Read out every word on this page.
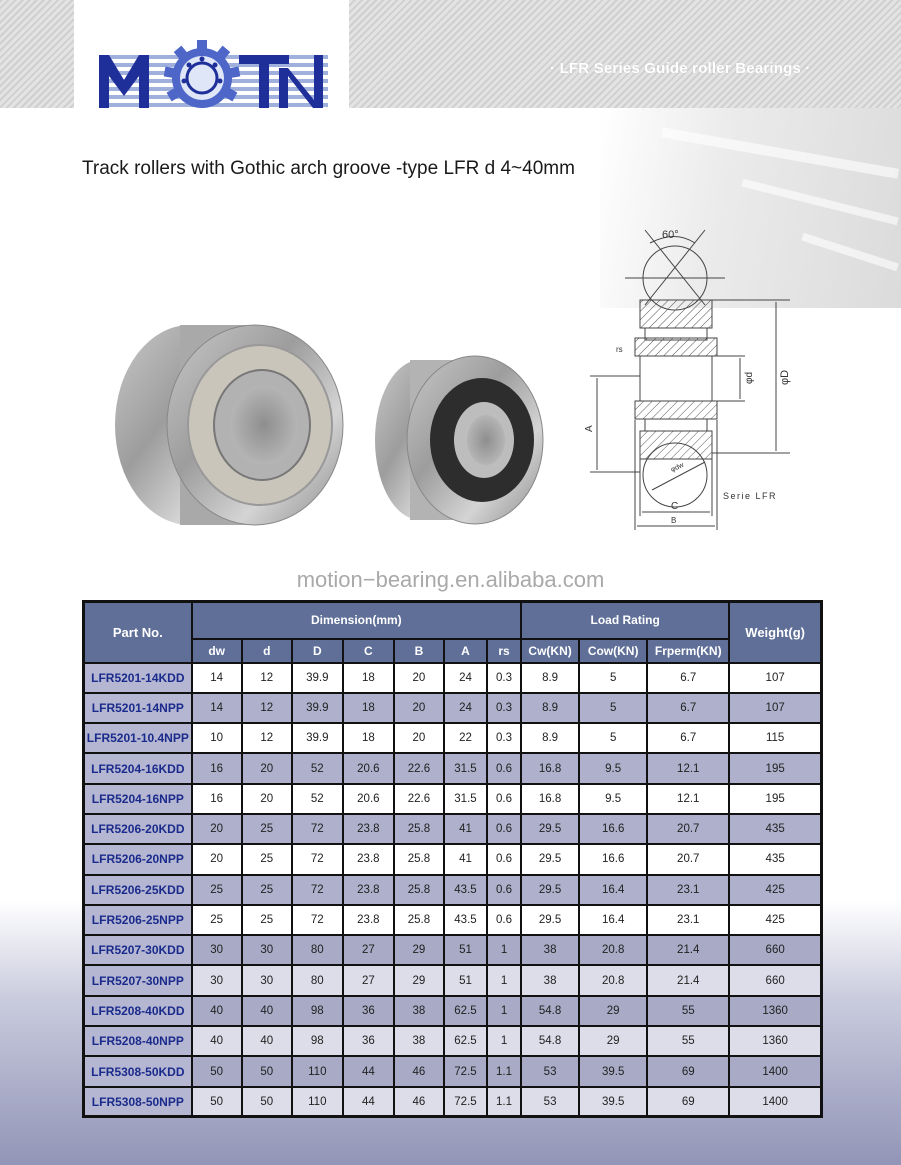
· LFR Series Guide roller Bearings ·
Track rollers with Gothic arch groove -type LFR d 4~40mm
60°
rs
φd φD
A
φdw
C
B
Serie LFR
motion−bearing.en.alibaba.com
Part No.	Dimension(mm)							Load Rating			Weight(g)
	dw	d	D	C	B	A	rs	Cw(KN)	Cow(KN)	Frperm(KN)	
LFR5201-14KDD	14	12	39.9	18	20	24	0.3	8.9	5	6.7	107
LFR5201-14NPP	14	12	39.9	18	20	24	0.3	8.9	5	6.7	107
LFR5201-10.4NPP	10	12	39.9	18	20	22	0.3	8.9	5	6.7	115
LFR5204-16KDD	16	20	52	20.6	22.6	31.5	0.6	16.8	9.5	12.1	195
LFR5204-16NPP	16	20	52	20.6	22.6	31.5	0.6	16.8	9.5	12.1	195
LFR5206-20KDD	20	25	72	23.8	25.8	41	0.6	29.5	16.6	20.7	435
LFR5206-20NPP	20	25	72	23.8	25.8	41	0.6	29.5	16.6	20.7	435
LFR5206-25KDD	25	25	72	23.8	25.8	43.5	0.6	29.5	16.4	23.1	425
LFR5206-25NPP	25	25	72	23.8	25.8	43.5	0.6	29.5	16.4	23.1	425
LFR5207-30KDD	30	30	80	27	29	51	1	38	20.8	21.4	660
LFR5207-30NPP	30	30	80	27	29	51	1	38	20.8	21.4	660
LFR5208-40KDD	40	40	98	36	38	62.5	1	54.8	29	55	1360
LFR5208-40NPP	40	40	98	36	38	62.5	1	54.8	29	55	1360
LFR5308-50KDD	50	50	110	44	46	72.5	1.1	53	39.5	69	1400
LFR5308-50NPP	50	50	110	44	46	72.5	1.1	53	39.5	69	1400
